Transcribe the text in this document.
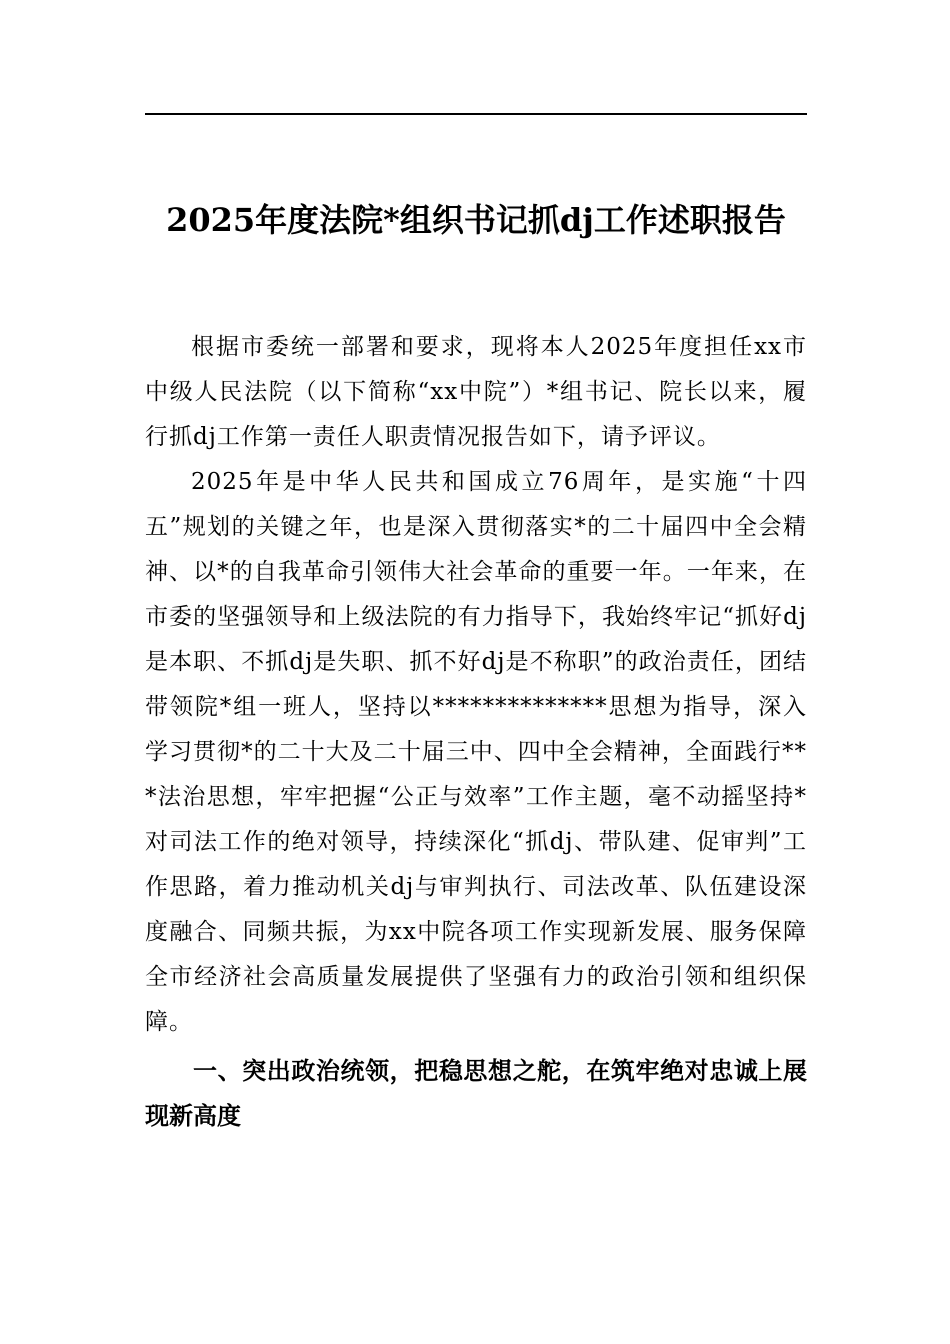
2025年度法院*组织书记抓dj工作述职报告

根据市委统一部署和要求，现将本人2025年度担任xx市中级人民法院（以下简称“xx中院”）*组书记、院长以来，履行抓dj工作第一责任人职责情况报告如下，请予评议。

2025年是中华人民共和国成立76周年，是实施“十四五”规划的关键之年，也是深入贯彻落实*的二十届四中全会精神、以*的自我革命引领伟大社会革命的重要一年。一年来，在市委的坚强领导和上级法院的有力指导下，我始终牢记“抓好dj是本职、不抓dj是失职、抓不好dj是不称职”的政治责任，团结带领院*组一班人，坚持以**************思想为指导，深入学习贯彻*的二十大及二十届三中、四中全会精神，全面践行***法治思想，牢牢把握“公正与效率”工作主题，毫不动摇坚持*对司法工作的绝对领导，持续深化“抓dj、带队建、促审判”工作思路，着力推动机关dj与审判执行、司法改革、队伍建设深度融合、同频共振，为xx中院各项工作实现新发展、服务保障全市经济社会高质量发展提供了坚强有力的政治引领和组织保障。

一、突出政治统领，把稳思想之舵，在筑牢绝对忠诚上展现新高度
